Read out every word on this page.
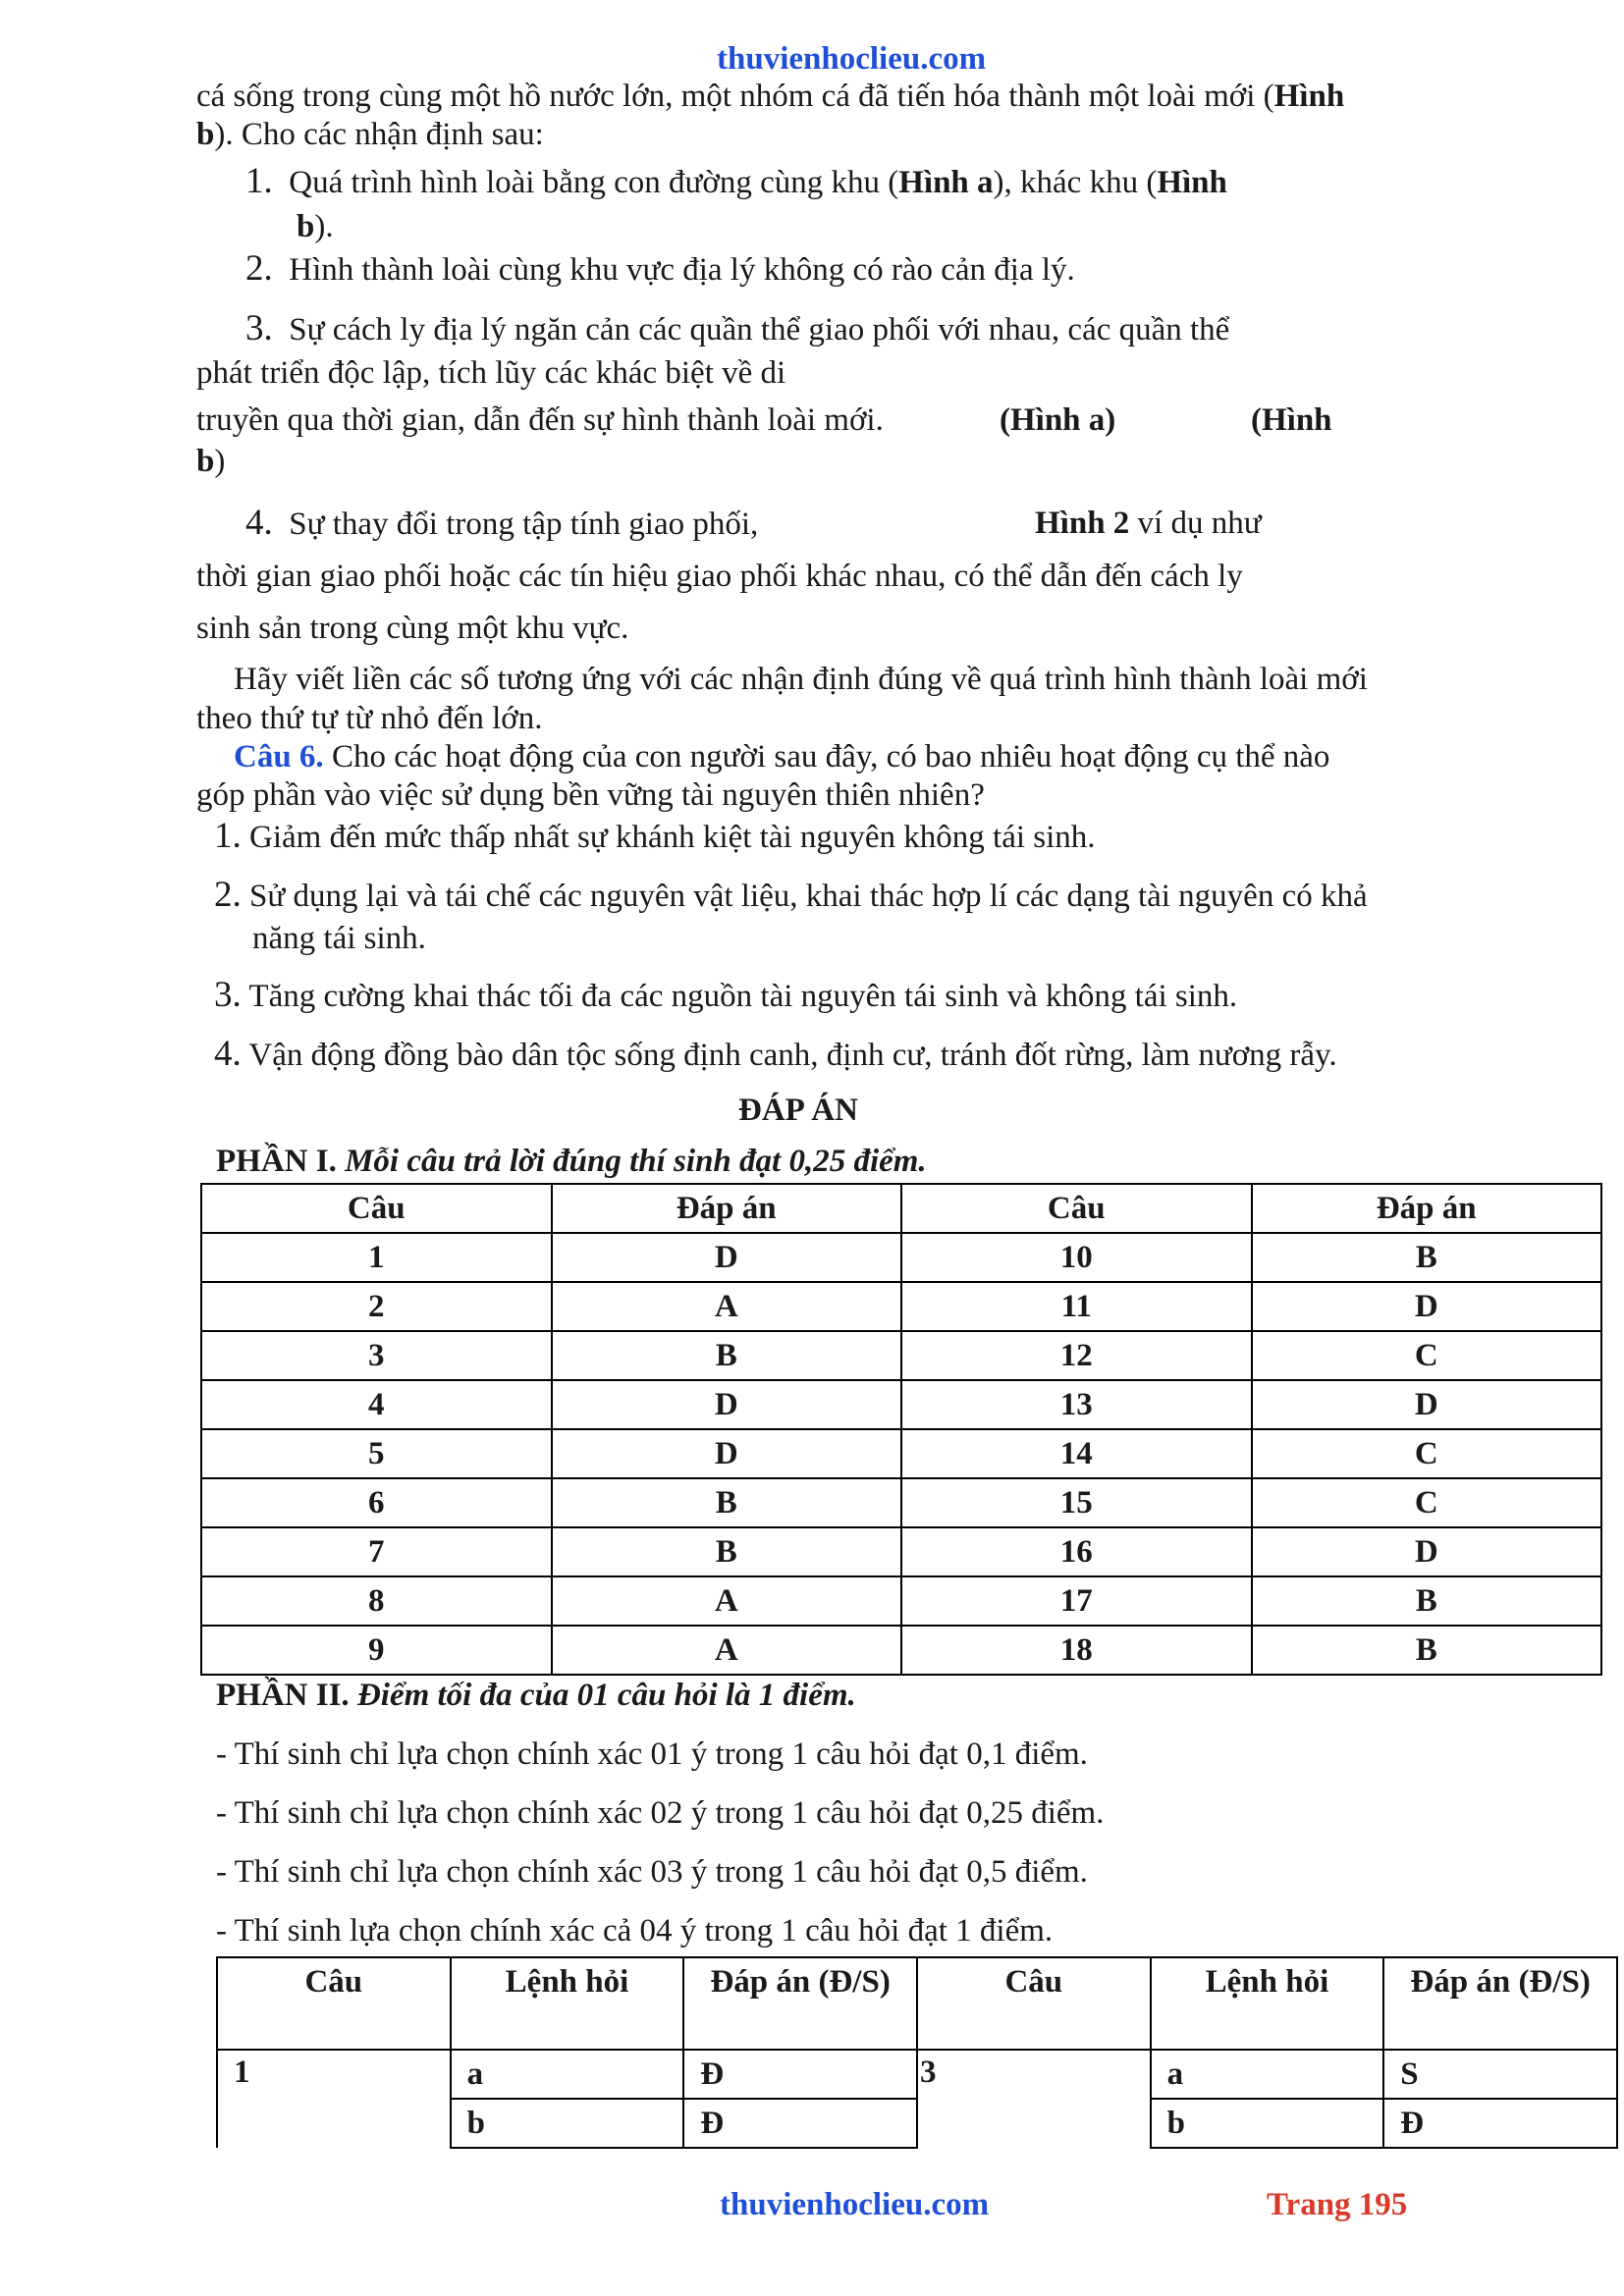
thuvienhoclieu.com
cá sống trong cùng một hồ nước lớn, một nhóm cá đã tiến hóa thành một loài mới (Hình
b). Cho các nhận định sau:
1. Quá trình hình loài bằng con đường cùng khu (Hình a), khác khu (Hình
b).
2. Hình thành loài cùng khu vực địa lý không có rào cản địa lý.
3. Sự cách ly địa lý ngăn cản các quần thể giao phối với nhau, các quần thể
phát triển độc lập, tích lũy các khác biệt về di
truyền qua thời gian, dẫn đến sự hình thành loài mới.	(Hình a)	(Hình
b)
4. Sự thay đổi trong tập tính giao phối,	Hình 2 ví dụ như
thời gian giao phối hoặc các tín hiệu giao phối khác nhau, có thể dẫn đến cách ly
sinh sản trong cùng một khu vực.
Hãy viết liền các số tương ứng với các nhận định đúng về quá trình hình thành loài mới
theo thứ tự từ nhỏ đến lớn.
Câu 6. Cho các hoạt động của con người sau đây, có bao nhiêu hoạt động cụ thể nào
góp phần vào việc sử dụng bền vững tài nguyên thiên nhiên?
1. Giảm đến mức thấp nhất sự khánh kiệt tài nguyên không tái sinh.
2. Sử dụng lại và tái chế các nguyên vật liệu, khai thác hợp lí các dạng tài nguyên có khả
năng tái sinh.
3. Tăng cường khai thác tối đa các nguồn tài nguyên tái sinh và không tái sinh.
4. Vận động đồng bào dân tộc sống định canh, định cư, tránh đốt rừng, làm nương rẫy.
ĐÁP ÁN
PHẦN I. Mỗi câu trả lời đúng thí sinh đạt 0,25 điểm.
Câu	Đáp án	Câu	Đáp án
1	D	10	B
2	A	11	D
3	B	12	C
4	D	13	D
5	D	14	C
6	B	15	C
7	B	16	D
8	A	17	B
9	A	18	B
PHẦN II. Điểm tối đa của 01 câu hỏi là 1 điểm.
- Thí sinh chỉ lựa chọn chính xác 01 ý trong 1 câu hỏi đạt 0,1 điểm.
- Thí sinh chỉ lựa chọn chính xác 02 ý trong 1 câu hỏi đạt 0,25 điểm.
- Thí sinh chỉ lựa chọn chính xác 03 ý trong 1 câu hỏi đạt 0,5 điểm.
- Thí sinh lựa chọn chính xác cả 04 ý trong 1 câu hỏi đạt 1 điểm.
Câu	Lệnh hỏi	Đáp án (Đ/S)	Câu	Lệnh hỏi	Đáp án (Đ/S)
1	a	Đ	3	a	S
	b	Đ		b	Đ
thuvienhoclieu.com	Trang 195
